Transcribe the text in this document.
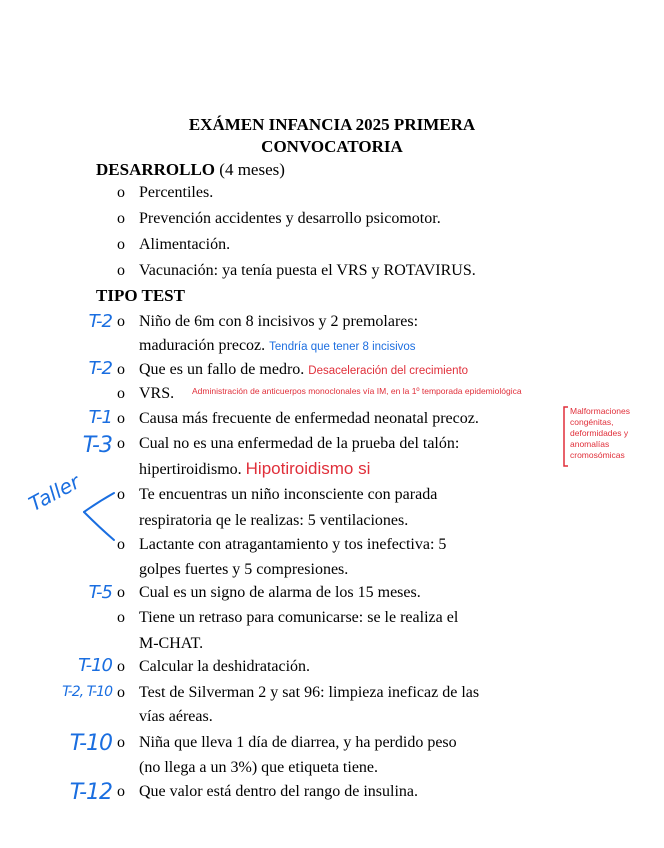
EXÁMEN INFANCIA 2025 PRIMERA
CONVOCATORIA
DESARROLLO (4 meses)
o Percentiles.
o Prevención accidentes y desarrollo psicomotor.
o Alimentación.
o Vacunación: ya tenía puesta el VRS y ROTAVIRUS.
TIPO TEST
T-2 o Niño de 6m con 8 incisivos y 2 premolares:
maduración precoz. Tendría que tener 8 incisivos
T-2 o Que es un fallo de medro. Desaceleración del crecimiento
o VRS. Administración de anticuerpos monoclonales vía IM, en la 1º temporada epidemiológica
T-1 o Causa más frecuente de enfermedad neonatal precoz.
T-3 o Cual no es una enfermedad de la prueba del talón:
hipertiroidismo. Hipotiroidismo si
o Te encuentras un niño inconsciente con parada
respiratoria qe le realizas: 5 ventilaciones.
o Lactante con atragantamiento y tos inefectiva: 5
golpes fuertes y 5 compresiones.
T-5 o Cual es un signo de alarma de los 15 meses.
o Tiene un retraso para comunicarse: se le realiza el
M-CHAT.
T-10 o Calcular la deshidratación.
T-2, T-10 o Test de Silverman 2 y sat 96: limpieza ineficaz de las
vías aéreas.
T-10 o Niña que lleva 1 día de diarrea, y ha perdido peso
(no llega a un 3%) que etiqueta tiene.
T-12 o Que valor está dentro del rango de insulina.
Taller
Malformaciones congénitas, deformidades y anomalías cromosómicas
